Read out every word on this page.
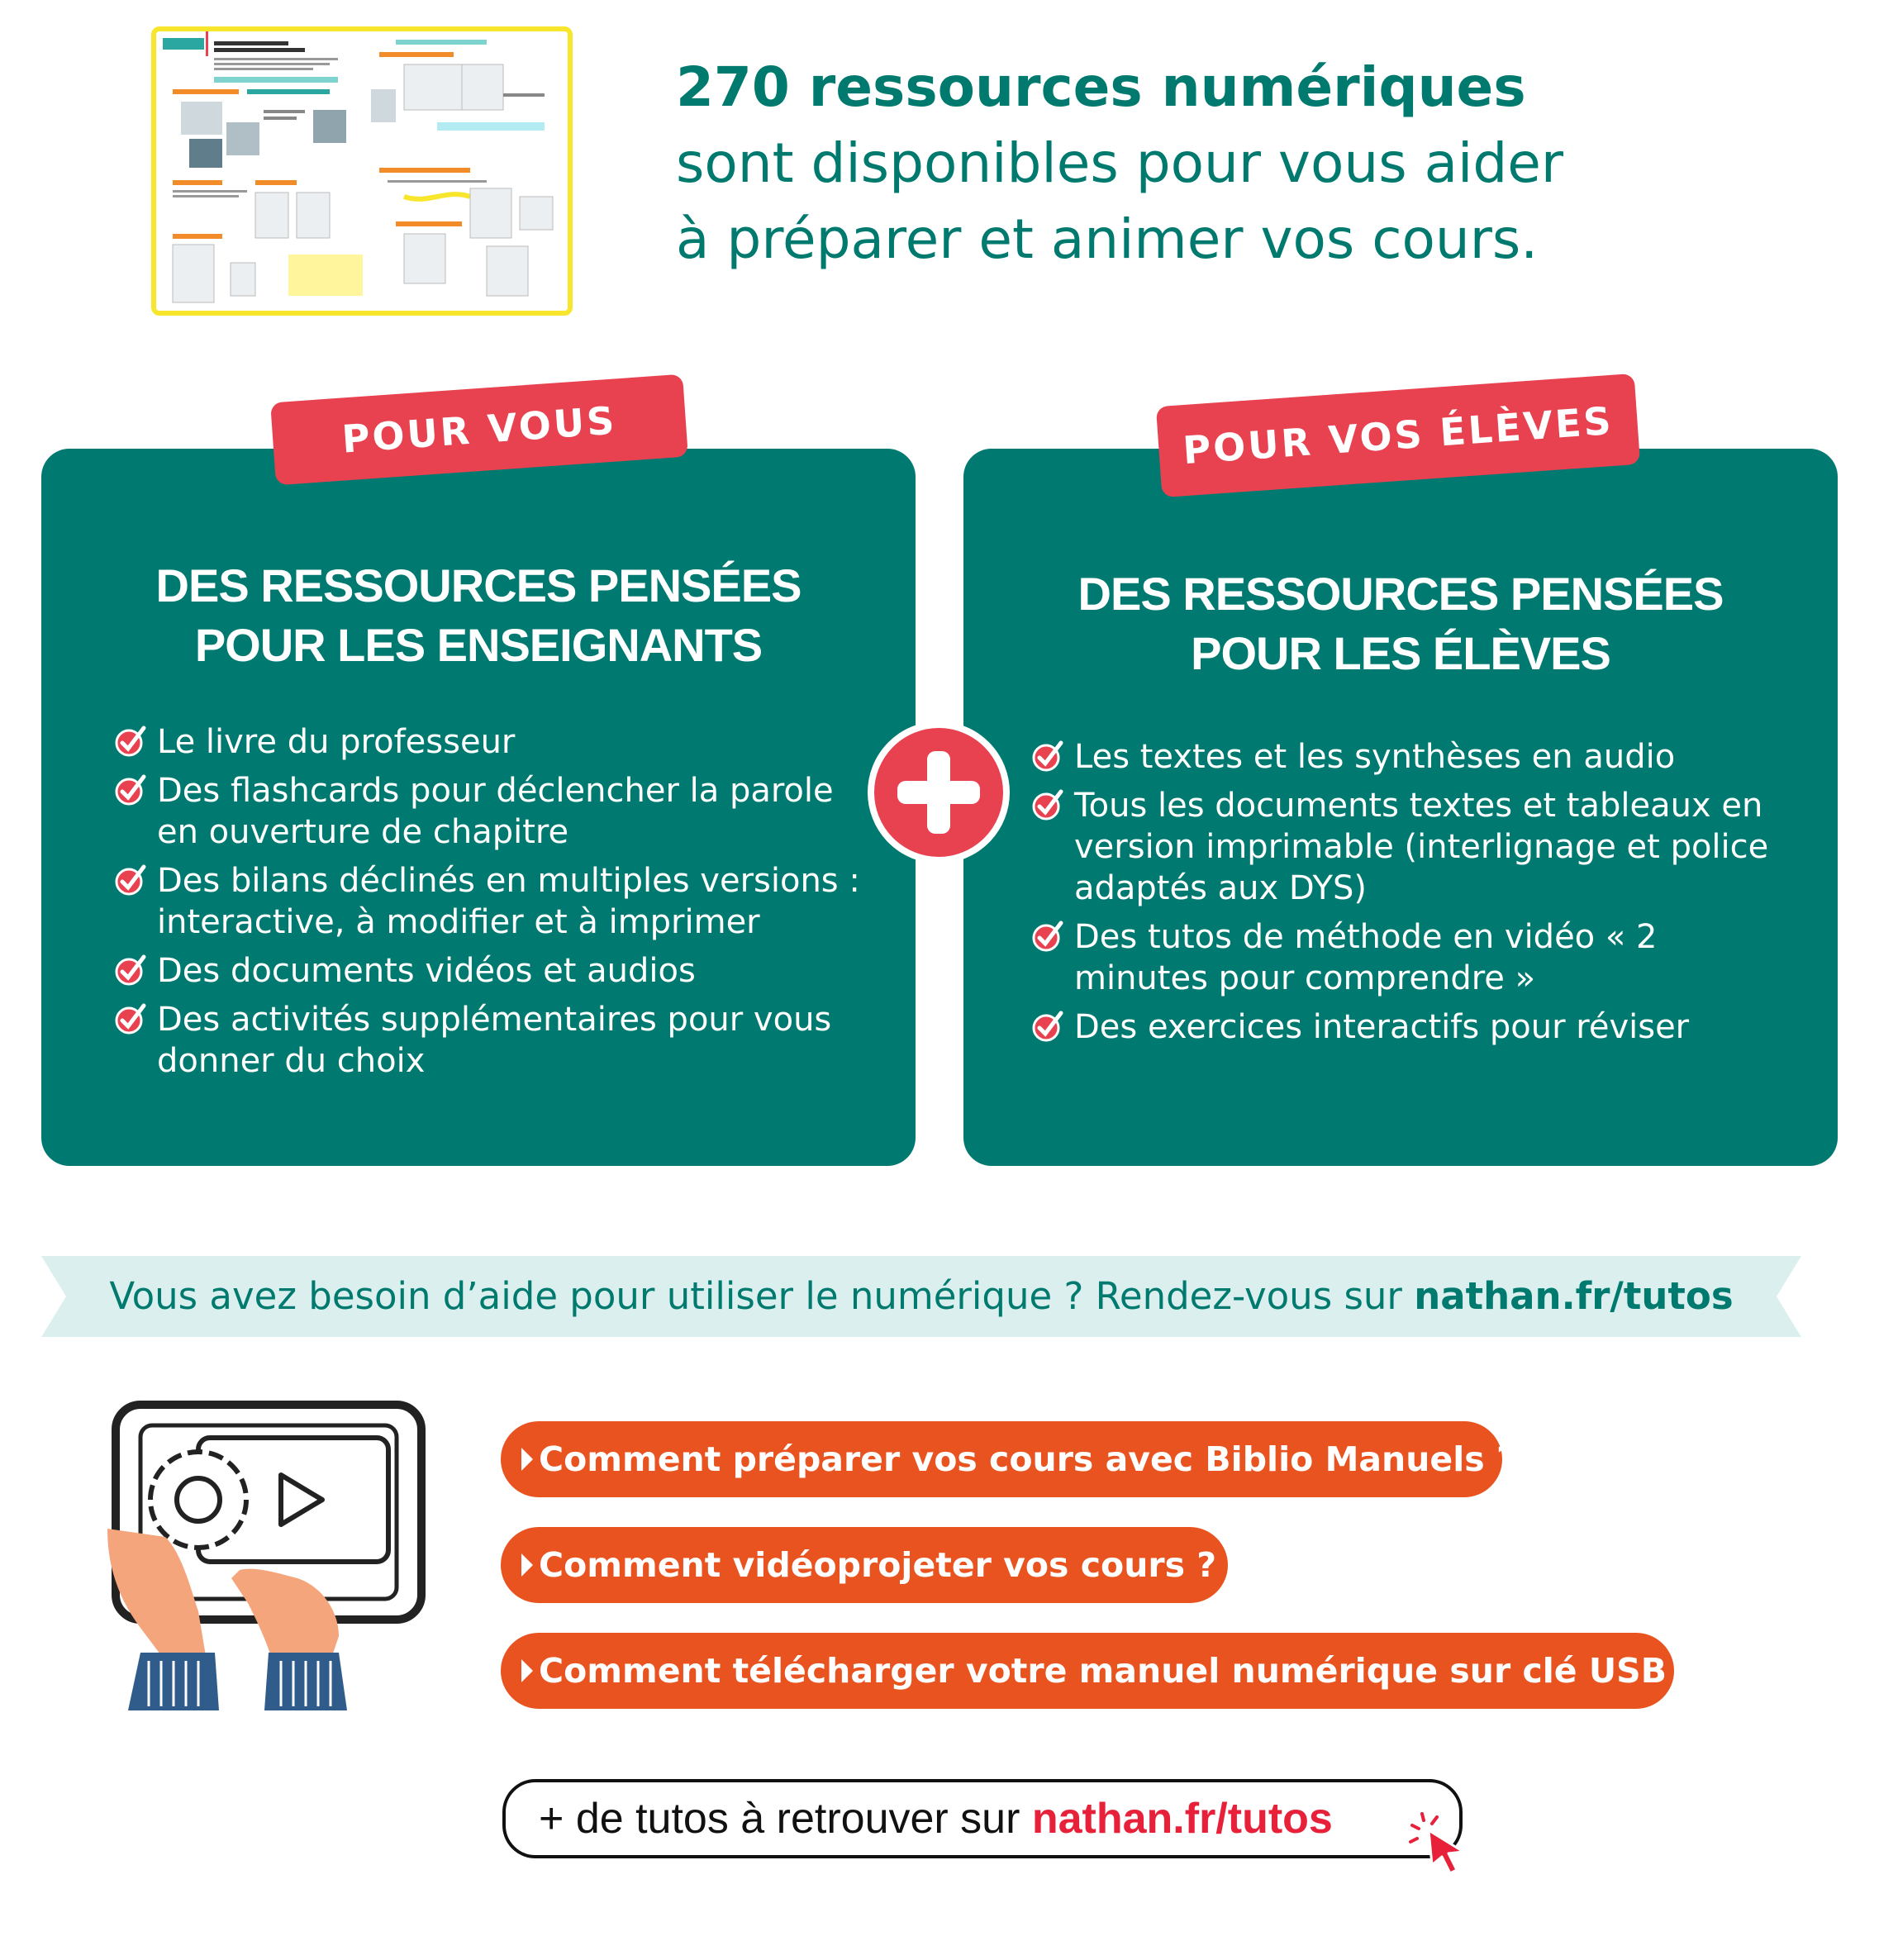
270 ressources numériques
sont disponibles pour vous aider
à préparer et animer vos cours.
DES RESSOURCES PENSÉES
POUR LES ENSEIGNANTS
Le livre du professeur
Des flashcards pour déclencher la parole en ouverture de chapitre
Des bilans déclinés en multiples versions : interactive, à modifier et à imprimer
Des documents vidéos et audios
Des activités supplémentaires pour vous donner du choix
DES RESSOURCES PENSÉES
POUR LES ÉLÈVES
Les textes et les synthèses en audio
Tous les documents textes et tableaux en version imprimable (interlignage et police adaptés aux DYS)
Des tutos de méthode en vidéo « 2 minutes pour comprendre »
Des exercices interactifs pour réviser
POUR VOUS	POUR VOS ÉLÈVES
Vous avez besoin d’aide pour utiliser le numérique ? Rendez-vous sur nathan.fr/tutos
Comment préparer vos cours avec Biblio Manuels ?
Comment vidéoprojeter vos cours ?
Comment télécharger votre manuel numérique sur clé USB ?
+ de tutos à retrouver sur nathan.fr/tutos
